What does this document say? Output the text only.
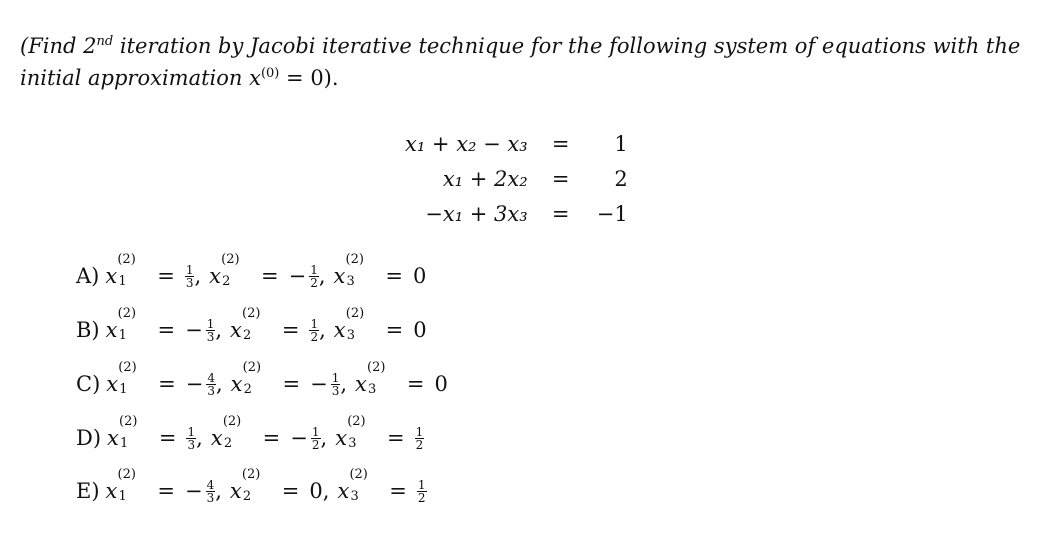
(Find 2nd iteration by Jacobi iterative technique for the following system of equations with the initial approximation $x^{(0)} = 0$).
x₁ + x₂ − x₃	=	1
x₁ + 2x₂	=	2
−x₁ + 3x₃	=	−1
A) x
(2)
$1 = \frac{1}{3}$ , x
(2)
2 = − $\frac{1}{2}$ , x
(2)
3 = 0
B) x
(2)
1 = − $\frac{1}{3}$ , x
(2)
$2 = \frac{1}{2}$ , x
(2)
3 = 0
C) x
(2)
1 = − $\frac{4}{3}$ , x
(2)
2 = − $\frac{1}{3}$ , x
(2)
3 = 0
D) x
(2)
$1 = \frac{1}{3}$ , x
(2)
2 = − $\frac{1}{2}$ , x
(2)
$3 = \frac{1}{2}$
E) x
(2)
1 = − $\frac{4}{3}$ , x
(2)
2 = 0 , x
(2)
$3 = \frac{1}{2}$
